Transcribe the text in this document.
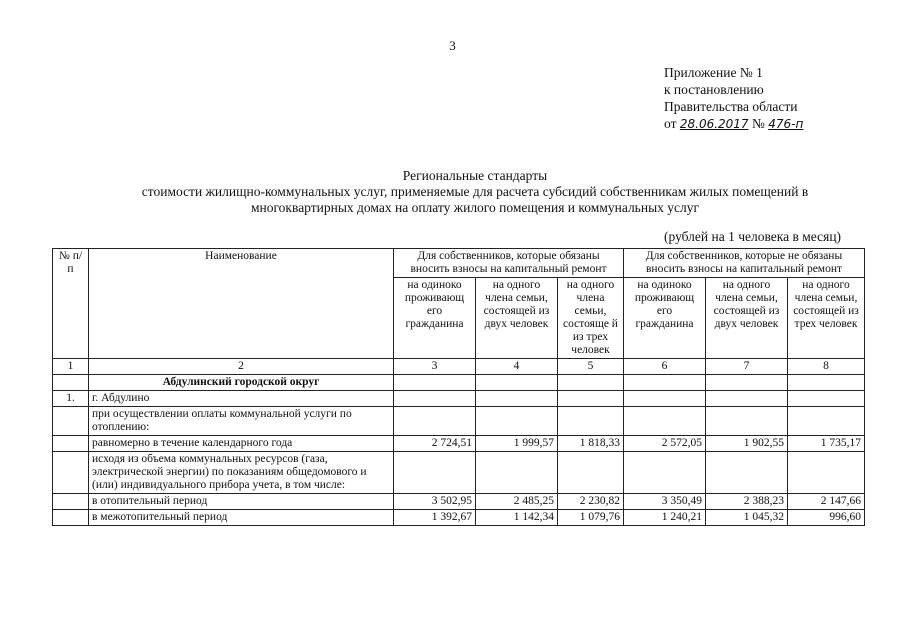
3
Приложение № 1
к постановлению
Правительства области
от 28.06.2017 № 476-п
Региональные стандарты
стоимости жилищно-коммунальных услуг, применяемые для расчета субсидий собственникам жилых помещений в
многоквартирных домах на оплату жилого помещения и коммунальных услуг
(рублей на 1 человека в месяц)
№ п/п	Наименование	Для собственников, которые обязаны вносить взносы на капитальный ремонт			Для собственников, которые не обязаны вносить взносы на капитальный ремонт		
		на одиноко проживающ его гражданина	на одного члена семьи, состоящей из двух человек	на одного члена семьи, состояще й из трех человек	на одиноко проживающ его гражданина	на одного члена семьи, состоящей из двух человек	на одного члена семьи, состоящей из трех человек
1	2	3	4	5	6	7	8
	Абдулинский городской округ						
1.	г. Абдулино						
	при осуществлении оплаты коммунальной услуги по отоплению:						
	равномерно в течение календарного года	2 724,51	1 999,57	1 818,33	2 572,05	1 902,55	1 735,17
	исходя из объема коммунальных ресурсов (газа, электрической энергии) по показаниям общедомового и (или) индивидуального прибора учета, в том числе:						
	в отопительный период	3 502,95	2 485,25	2 230,82	3 350,49	2 388,23	2 147,66
	в межотопительный период	1 392,67	1 142,34	1 079,76	1 240,21	1 045,32	996,60
